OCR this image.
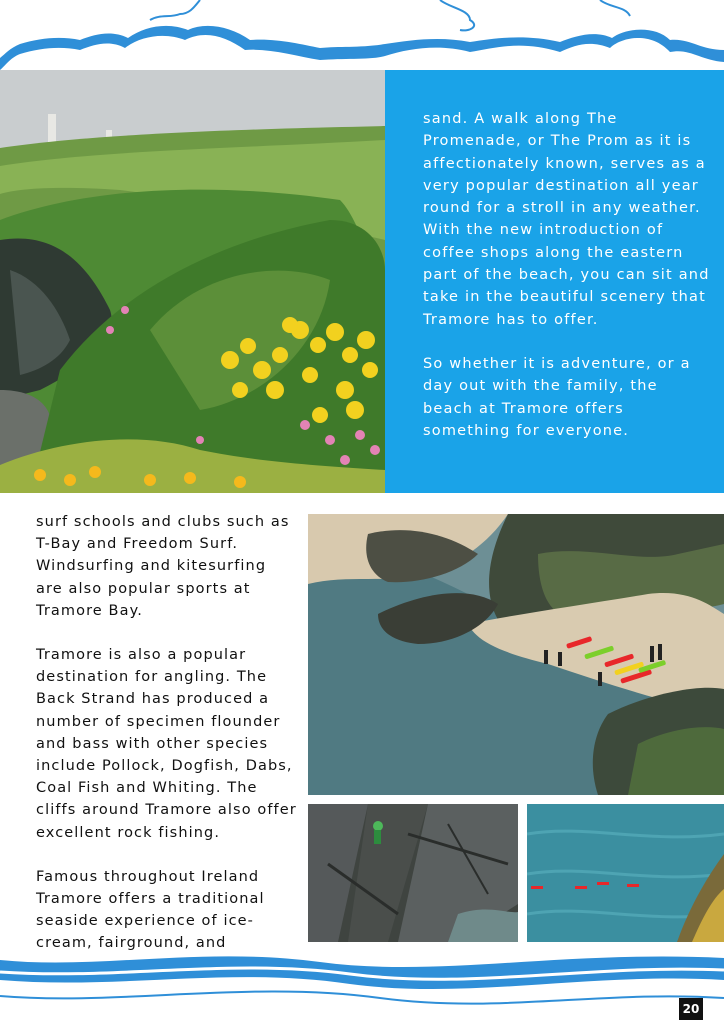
sand. A walk along The Promenade, or The Prom as it is affectionately known, serves as a very popular destination all year round for a stroll in any weather. With the new introduction of coffee shops along the eastern part of the beach, you can sit and take in the beautiful scenery that Tramore has to offer.

So whether it is adventure, or a day out with the family, the beach at Tramore offers something for everyone.

surf schools and clubs such as T-Bay and Freedom Surf. Windsurfing and kitesurfing are also popular sports at Tramore Bay.

Tramore is also a popular destination for angling. The Back Strand has produced a number of specimen flounder and bass with other species include Pollock, Dogfish, Dabs, Coal Fish and Whiting. The cliffs around Tramore also offer excellent rock fishing.

Famous throughout Ireland Tramore offers a traditional seaside experience of ice-cream, fairground, and

20
